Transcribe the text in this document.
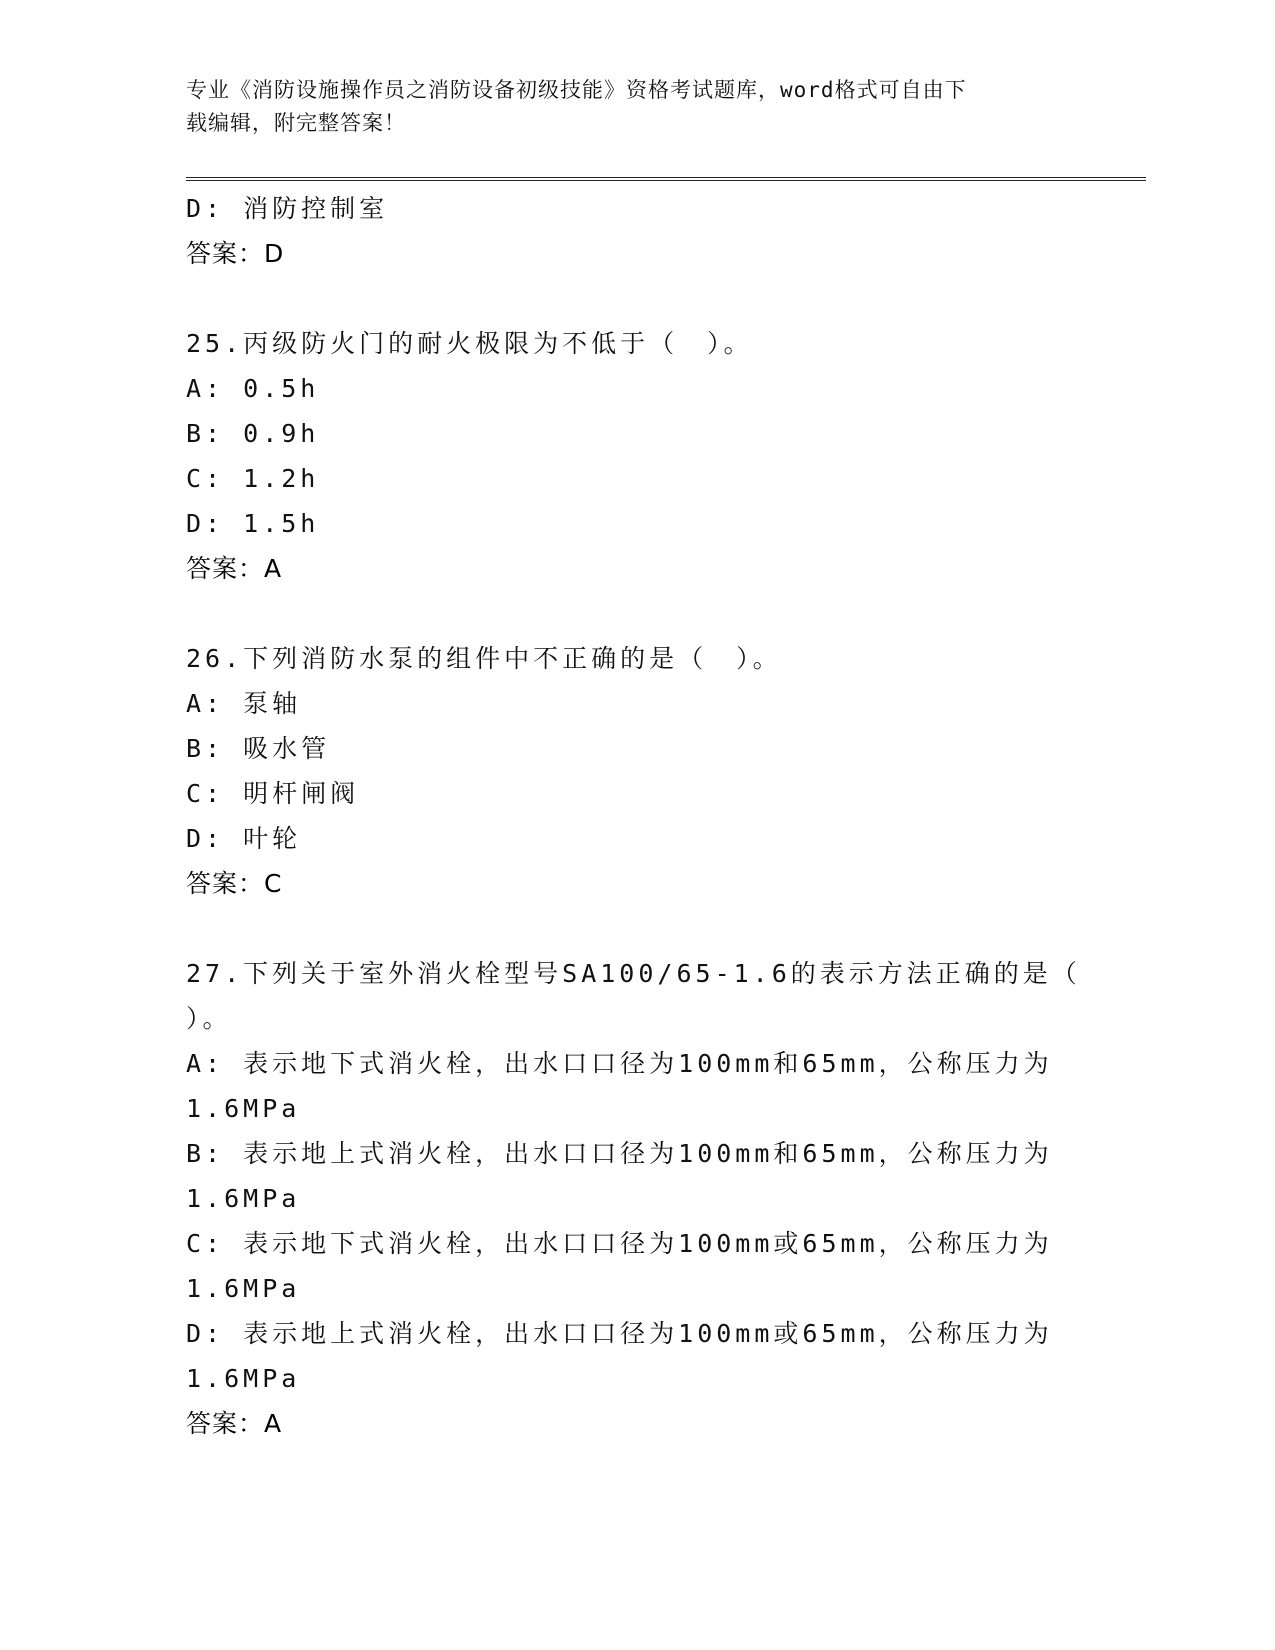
专业《消防设施操作员之消防设备初级技能》资格考试题库，word格式可自由下
载编辑，附完整答案！
D: 消防控制室
答案：D
25.丙级防火门的耐火极限为不低于（　）。
A: 0.5h
B: 0.9h
C: 1.2h
D: 1.5h
答案：A
26.下列消防水泵的组件中不正确的是（　）。
A: 泵轴
B: 吸水管
C: 明杆闸阀
D: 叶轮
答案：C
27.下列关于室外消火栓型号SA100/65-1.6的表示方法正确的是（
）。
A: 表示地下式消火栓，出水口口径为100mm和65mm，公称压力为
1.6MPa
B: 表示地上式消火栓，出水口口径为100mm和65mm，公称压力为
1.6MPa
C: 表示地下式消火栓，出水口口径为100mm或65mm，公称压力为
1.6MPa
D: 表示地上式消火栓，出水口口径为100mm或65mm，公称压力为
1.6MPa
答案：A
